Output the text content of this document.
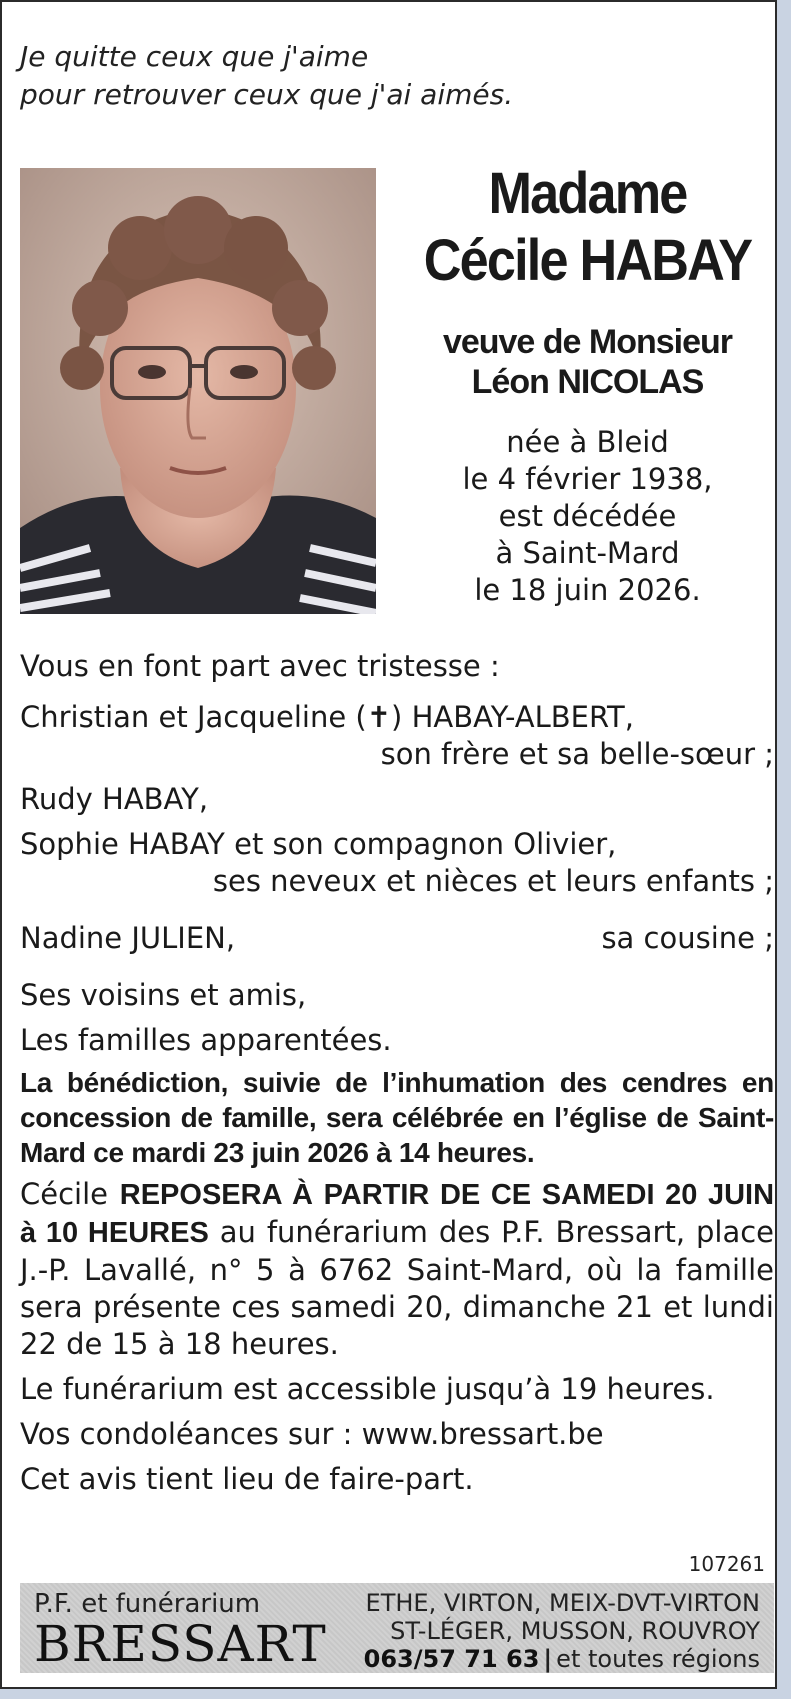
Je quitte ceux que j'aime
pour retrouver ceux que j'ai aimés.
Madame
Cécile HABAY
veuve de Monsieur
Léon NICOLAS
née à Bleid
le 4 février 1938,
est décédée
à Saint-Mard
le 18 juin 2026.

Vous en font part avec tristesse :

Christian et Jacqueline (✝) HABAY-ALBERT,

son frère et sa belle-sœur ;

Rudy HABAY,

Sophie HABAY et son compagnon Olivier,

ses neveux et nièces et leurs enfants ;

Nadine JULIEN,	sa cousine ;

Ses voisins et amis,

Les familles apparentées.

La bénédiction, suivie de l’inhumation des cendres en concession de famille, sera célébrée en l’église de Saint-Mard ce mardi 23 juin 2026 à 14 heures.

Cécile REPOSERA À PARTIR DE CE SAMEDI 20 JUIN à 10 HEURES au funérarium des P.F. Bressart, place J.-P. Lavallé, n° 5 à 6762 Saint-Mard, où la famille sera présente ces samedi 20, dimanche 21 et lundi 22 de 15 à 18 heures.

Le funérarium est accessible jusqu’à 19 heures.

Vos condoléances sur : www.bressart.be

Cet avis tient lieu de faire-part.

107261
P.F. et funérarium
BRESSART
ETHE, VIRTON, MEIX-DVT-VIRTON
ST-LÉGER, MUSSON, ROUVROY
063/57 71 63 | et toutes régions
